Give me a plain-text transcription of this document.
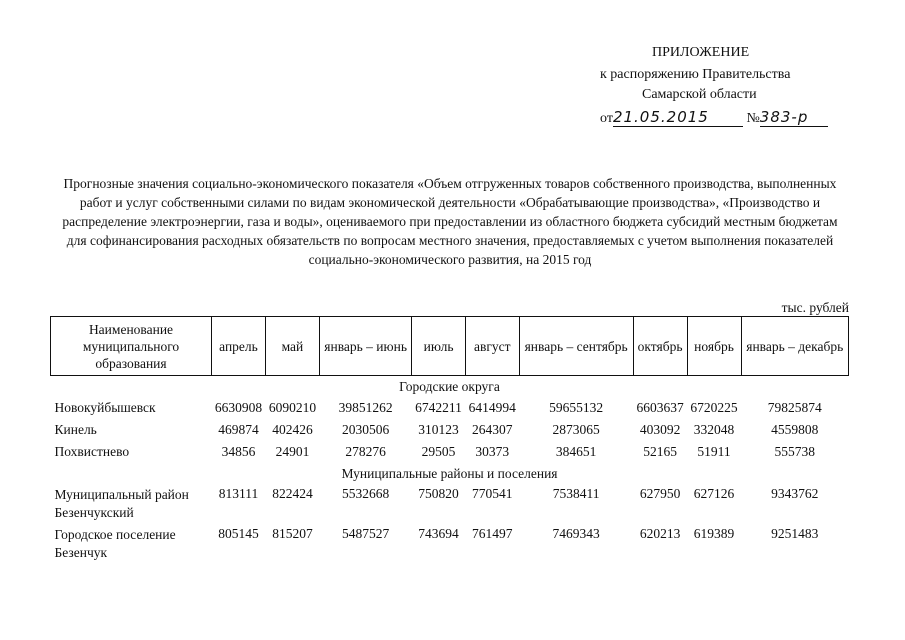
ПРИЛОЖЕНИЕ
к распоряжению Правительства
Самарской области
от21.05.2015	№383-р
Прогнозные значения социально-экономического показателя «Объем отгруженных товаров собственного производства, выполненных работ и услуг собственными силами по видам экономической деятельности «Обрабатывающие производства», «Производство и распределение электроэнергии, газа и воды», оцениваемого при предоставлении из областного бюджета субсидий местным бюджетам для софинансирования расходных обязательств по вопросам местного значения, предоставляемых с учетом выполнения показателей социально-экономического развития, на 2015 год
тыс. рублей
Наименование муниципального образования	апрель	май	январь – июнь	июль	август	январь – сентябрь	октябрь	ноябрь	январь – декабрь
Городские округа									
Новокуйбышевск	6630908	6090210	39851262	6742211	6414994	59655132	6603637	6720225	79825874
Кинель	469874	402426	2030506	310123	264307	2873065	403092	332048	4559808
Похвистнево	34856	24901	278276	29505	30373	384651	52165	51911	555738
Муниципальные районы и поселения									
Муниципальный район Безенчукский	813111	822424	5532668	750820	770541	7538411	627950	627126	9343762
Городское поселение Безенчук	805145	815207	5487527	743694	761497	7469343	620213	619389	9251483
